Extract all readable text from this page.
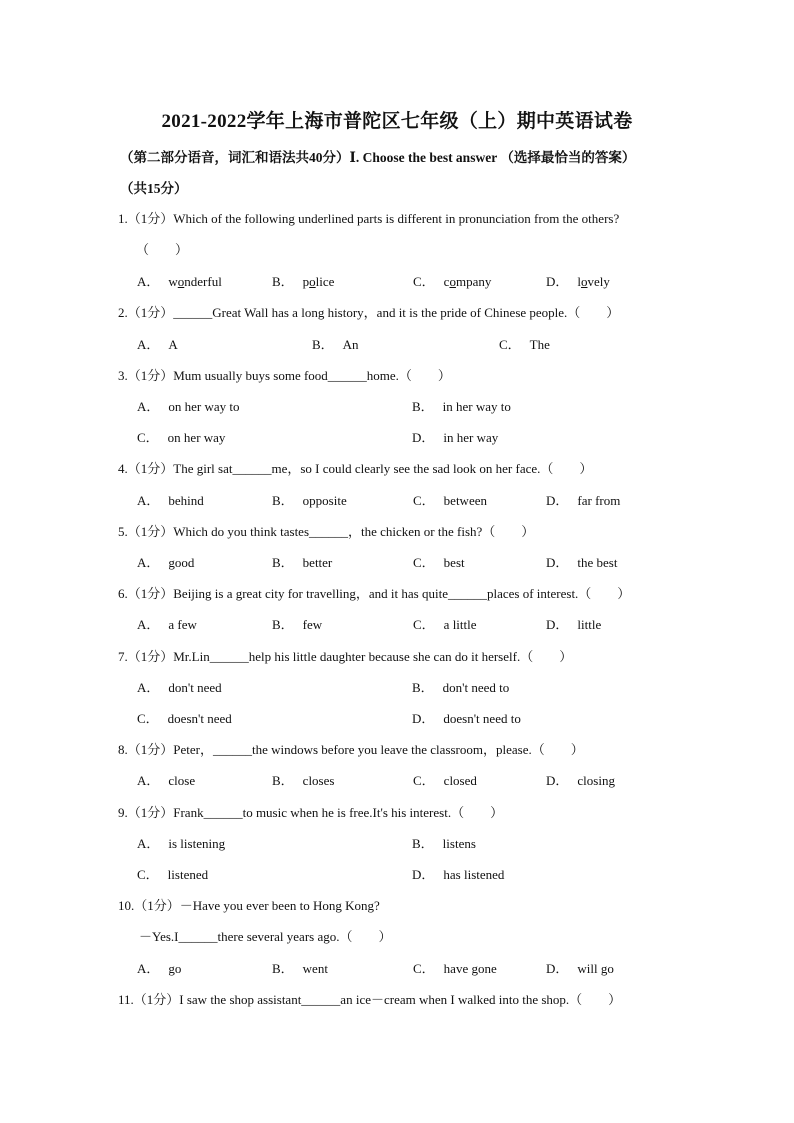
2021-2022学年上海市普陀区七年级（上）期中英语试卷
（第二部分语音，词汇和语法共40分）Ⅰ. Choose the best answer （选择最恰当的答案）
（共15分）
1.（1分）Which of the following underlined parts is different in pronunciation from the others?
（　　）
A． wonderful	B． police	C． company	D． lovely
2.（1分）______Great Wall has a long history，and it is the pride of Chinese people.（　　）
A． A	B． An	C． The
3.（1分）Mum usually buys some food______home.（　　）
A． on her way to	B． in her way to
C． on her way	D． in her way
4.（1分）The girl sat______me，so I could clearly see the sad look on her face.（　　）
A． behind	B． opposite	C． between	D． far from
5.（1分）Which do you think tastes______，the chicken or the fish?（　　）
A． good	B． better	C． best	D． the best
6.（1分）Beijing is a great city for travelling，and it has quite______places of interest.（　　）
A． a few	B． few	C． a little	D． little
7.（1分）Mr.Lin______help his little daughter because she can do it herself.（　　）
A． don't need	B． don't need to
C． doesn't need	D． doesn't need to
8.（1分）Peter，______the windows before you leave the classroom，please.（　　）
A． close	B． closes	C． closed	D． closing
9.（1分）Frank______to music when he is free.It's his interest.（　　）
A． is listening	B． listens
C． listened	D． has listened
10.（1分）－Have you ever been to Hong Kong?
－Yes.I______there several years ago.（　　）
A． go	B． went	C． have gone	D． will go
11.（1分）I saw the shop assistant______an ice－cream when I walked into the shop.（　　）
